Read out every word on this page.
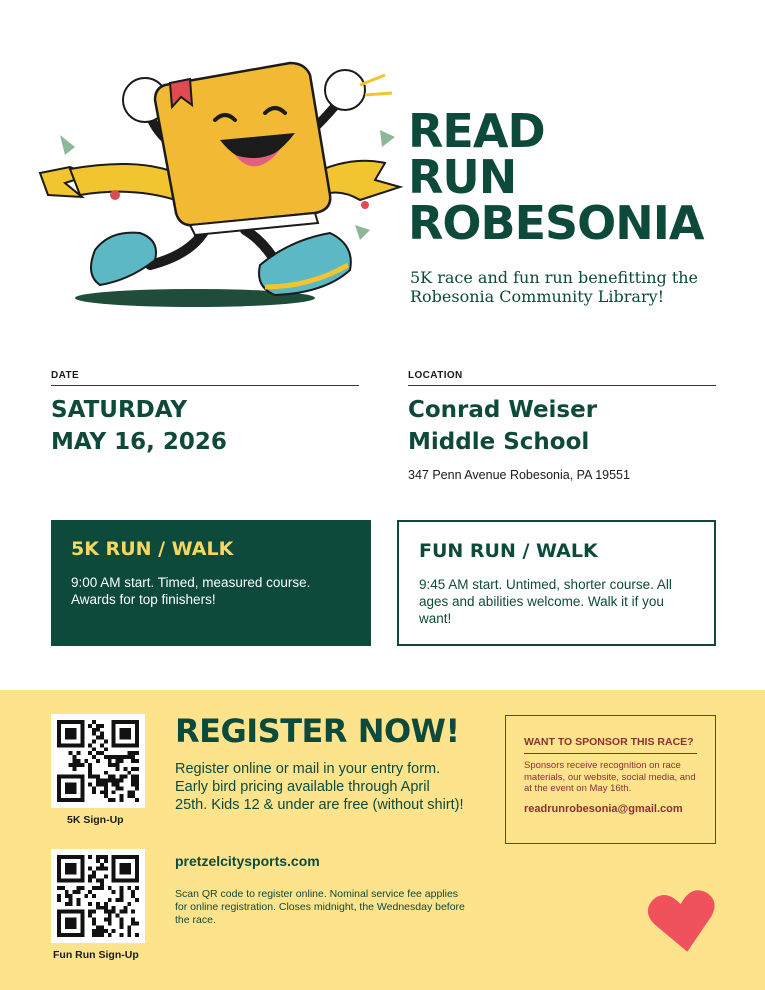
READ
RUN
ROBESONIA
5K race and fun run benefitting the Robesonia Community Library!
DATE
SATURDAY
MAY 16, 2026
LOCATION
Conrad Weiser
Middle School
347 Penn Avenue Robesonia, PA 19551
5K RUN / WALK
9:00 AM start. Timed, measured course. Awards for top finishers!
FUN RUN / WALK
9:45 AM start. Untimed, shorter course. All ages and abilities welcome. Walk it if you want!
5K Sign-Up
Fun Run Sign-Up
REGISTER NOW!
Register online or mail in your entry form. Early bird pricing available through April 25th. Kids 12 & under are free (without shirt)!
pretzelcitysports.com
Scan QR code to register online. Nominal service fee applies for online registration. Closes midnight, the Wednesday before the race.
WANT TO SPONSOR THIS RACE?
Sponsors receive recognition on race materials, our website, social media, and at the event on May 16th.
readrunrobesonia@gmail.com
